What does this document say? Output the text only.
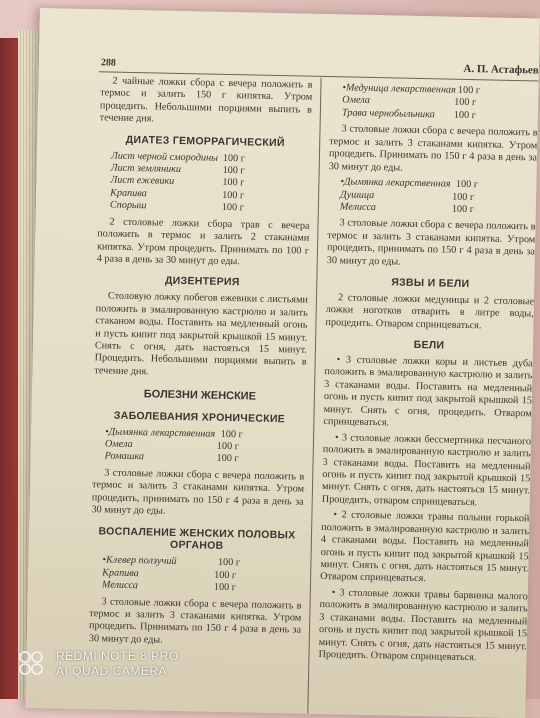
288	А. П. Астафьев

2 чайные ложки сбора с вечера положить в термос и залить 150 г кипятка. Утром процедить. Небольшими порциями выпить в течение дня.

ДИАТЕЗ ГЕМОРРАГИЧЕСКИЙ
Лист черной смородины 100 г
Лист земляники	100 г
Лист ежевики	100 г
Крапива	100 г
Спорыш	100 г

2 столовые ложки сбора трав с вечера положить в термос и залить 2 стаканами кипятка. Утром процедить. Принимать по 100 г 4 раза в день за 30 минут до еды.

ДИЗЕНТЕРИЯ

Столовую ложку побегов ежевики с листьями положить в эмалированную кастрюлю и залить стаканом воды. Поставить на медленный огонь и пусть кипит под закрытой крышкой 15 минут. Снять с огня, дать настояться 15 минут. Процедить. Небольшими порциями выпить в течение дня.

БОЛЕЗНИ ЖЕНСКИЕ
ЗАБОЛЕВАНИЯ ХРОНИЧЕСКИЕ
• Дымянка лекарственная 100 г
Омела	100 г
Ромашка	100 г

3 столовые ложки сбора с вечера положить в термос и залить 3 стаканами кипятка. Утром процедить, принимать по 150 г 4 раза в день за 30 минут до еды.

ВОСПАЛЕНИЕ ЖЕНСКИХ ПОЛОВЫХ ОРГАНОВ
• Клевер ползучий	100 г
Крапива	100 г
Мелисса	100 г

3 столовые ложки сбора с вечера положить в термос и залить 3 стаканами кипятка. Утром процедить. Принимать по 150 г 4 раза в день за 30 минут до еды.

• Медуница лекарственная 100 г
Омела	100 г
Трава чернобыльника	100 г

3 столовые ложки сбора с вечера положить в термос и залить 3 стаканами кипятка. Утром процедить. Принимать по 150 г 4 раза в день за 30 минут до еды.

• Дымянка лекарственная 100 г
Душица	100 г
Мелисса	100 г

3 столовые ложки сбора с вечера положить в термос и залить 3 стаканами кипятка. Утром процедить, принимать по 150 г 4 раза в день за 30 минут до еды.

ЯЗВЫ И БЕЛИ

2 столовые ложки медуницы и 2 столовые ложки ноготков отварить в литре воды, процедить. Отваром спринцеваться.

БЕЛИ

• 3 столовые ложки коры и листьев дуба положить в эмалированную кастрюлю и залить 3 стаканами воды. Поставить на медленный огонь и пусть кипит под закрытой крышкой 15 минут. Снять с огня, процедить. Отваром спринцеваться.

• 3 столовые ложки бессмертника песчаного положить в эмалированную кастрюлю и залить 3 стаканами воды. Поставить на медленный огонь и пусть кипит под закрытой крышкой 15 минут. Снять с огня, дать настояться 15 минут. Процедить, отваром спринцеваться.

• 2 столовые ложки травы полыни горькой положить в эмалированную кастрюлю и залить 4 стаканами воды. Поставить на медленный огонь и пусть кипит под закрытой крышкой 15 минут. Снять с огня, дать настояться 15 минут. Отваром спринцеваться.

• 3 столовые ложки травы барвинка малого положить в эмалированную кастрюлю и залить 3 стаканами воды. Поставить на медленный огонь и пусть кипит под закрытой крышкой 15 минут. Снять с огня, дать настояться 15 минут. Процедить. Отваром спринцеваться.

REDMI NOTE 8 PRO
AI QUAD CAMERA
